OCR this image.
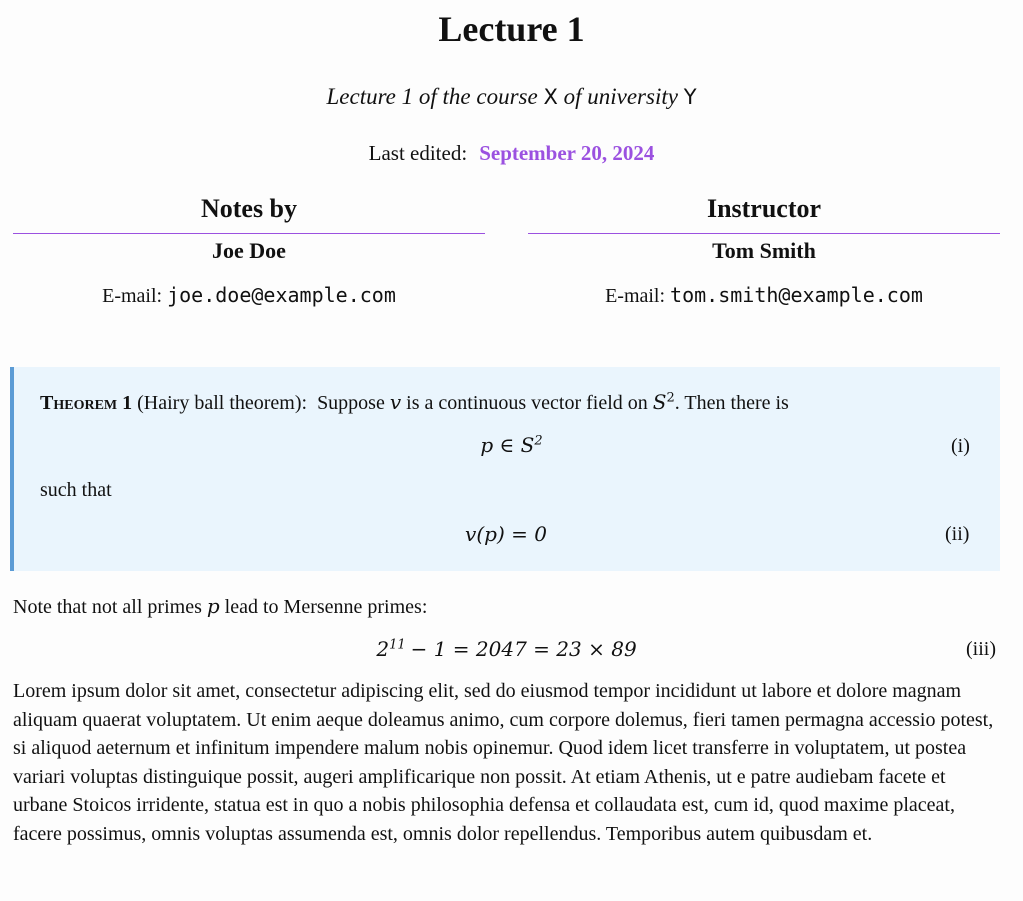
Lecture 1
Lecture 1 of the course X of university Y
Last edited: September 20, 2024
Notes by
Joe Doe
E-mail: joe.doe@example.com
Instructor
Tom Smith
E-mail: tom.smith@example.com
Theorem 1 (Hairy ball theorem): Suppose v is a continuous vector field on $S^2$. Then there is
p ∈ $S^2$	(i)
such that
v(p) = 0	(ii)
Note that not all primes p lead to Mersenne primes:
$2^{11} - 1 = 2047 = 23 \times 89$	(iii)
Lorem ipsum dolor sit amet, consectetur adipiscing elit, sed do eiusmod tempor incididunt ut labore et dolore magnam aliquam quaerat voluptatem. Ut enim aeque doleamus animo, cum corpore dolemus, fieri tamen permagna accessio potest, si aliquod aeternum et infinitum impendere malum nobis opinemur. Quod idem licet transferre in voluptatem, ut postea variari voluptas distinguique possit, augeri amplificarique non possit. At etiam Athenis, ut e patre audiebam facete et urbane Stoicos irridente, statua est in quo a nobis philosophia defensa et collaudata est, cum id, quod maxime placeat, facere possimus, omnis voluptas assumenda est, omnis dolor repellendus. Temporibus autem quibusdam et.
